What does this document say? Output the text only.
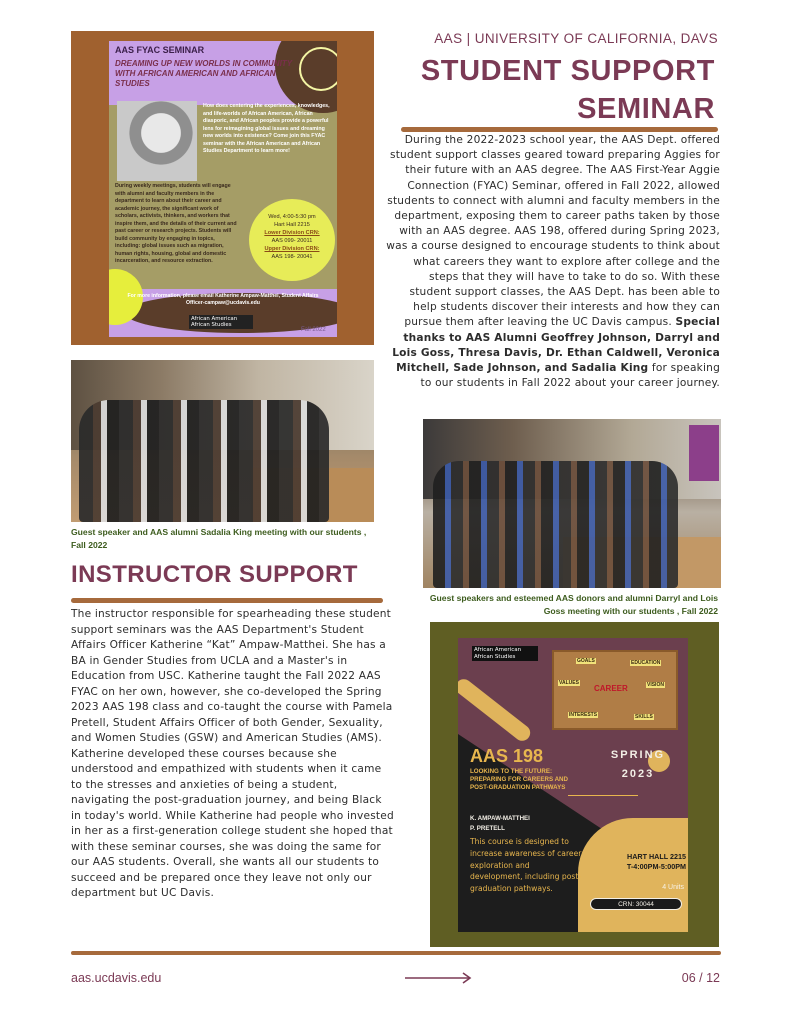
AAS FYAC SEMINAR
DREAMING UP NEW WORLDS IN COMMUNITY WITH AFRICAN AMERICAN AND AFRICAN STUDIES
How does centering the experiences, knowledges, and life-worlds of African American, African diasporic, and African peoples provide a powerful lens for reimagining global issues and dreaming new worlds into existence? Come join this FYAC seminar with the African American and African Studies Department to learn more!
During weekly meetings, students will engage with alumni and faculty members in the department to learn about their career and academic journey, the significant work of scholars, activists, thinkers, and workers that inspire them, and the details of their current and past career or research projects. Students will build community by engaging in topics, including: global issues such as migration, human rights, housing, global and domestic incarceration, and resource extraction.
Wed, 4:00-5:30 pm
Hart Hall 2215
Lower Division CRN:
AAS 099- 20011
Upper Division CRN:
AAS 198- 20041
For more information, please email Katherine Ampaw-Matthei, Student Affairs Officer-campaw@ucdavis.edu
African American
African Studies
Fall 2022
AAS | UNIVERSITY OF CALIFORNIA, DAVS
STUDENT SUPPORT
SEMINAR
During the 2022-2023 school year, the AAS Dept. offered student support classes geared toward preparing Aggies for their future with an AAS degree. The AAS First-Year Aggie Connection (FYAC) Seminar, offered in Fall 2022, allowed students to connect with alumni and faculty members in the department, exposing them to career paths taken by those with an AAS degree. AAS 198, offered during Spring 2023, was a course designed to encourage students to think about what careers they want to explore after college and the steps that they will have to take to do so. With these student support classes, the AAS Dept. has been able to help students discover their interests and how they can pursue them after leaving the UC Davis campus. Special thanks to AAS Alumni Geoffrey Johnson, Darryl and Lois Goss, Thresa Davis, Dr. Ethan Caldwell, Veronica Mitchell, Sade Johnson, and Sadalia King for speaking to our students in Fall 2022 about your career journey.
Guest speaker and AAS alumni Sadalia King meeting with our students , Fall 2022
Guest speakers and esteemed AAS donors and alumni Darryl and Lois Goss meeting with our students , Fall 2022
INSTRUCTOR SUPPORT
The instructor responsible for spearheading these student support seminars was the AAS Department's Student Affairs Officer Katherine “Kat” Ampaw-Matthei. She has a BA in Gender Studies from UCLA and a Master's in Education from USC. Katherine taught the Fall 2022 AAS FYAC on her own, however, she co-developed the Spring 2023 AAS 198 class and co-taught the course with Pamela Pretell, Student Affairs Officer of both Gender, Sexuality, and Women Studies (GSW) and American Studies (AMS). Katherine developed these courses because she understood and empathized with students when it came to the stresses and anxieties of being a student, navigating the post-graduation journey, and being Black in today's world. While Katherine had people who invested in her as a first-generation college student she hoped that with these seminar courses, she was doing the same for our AAS students. Overall, she wants all our students to succeed and be prepared once they leave not only our department but UC Davis.
African American
African Studies
GOALS	EDUCATION
VALUES
CAREER	VISION
INTERESTS	SKILLS
AAS 198
LOOKING TO THE FUTURE: PREPARING FOR CAREERS AND POST-GRADUATION PATHWAYS
SPRING
2023
K. AMPAW-MATTHEI
P. PRETELL
This course is designed to increase awareness of career exploration and development, including post-graduation pathways.
HART HALL 2215
T-4:00PM-5:00PM
4 Units
CRN: 30044
aas.ucdavis.edu	06 / 12
